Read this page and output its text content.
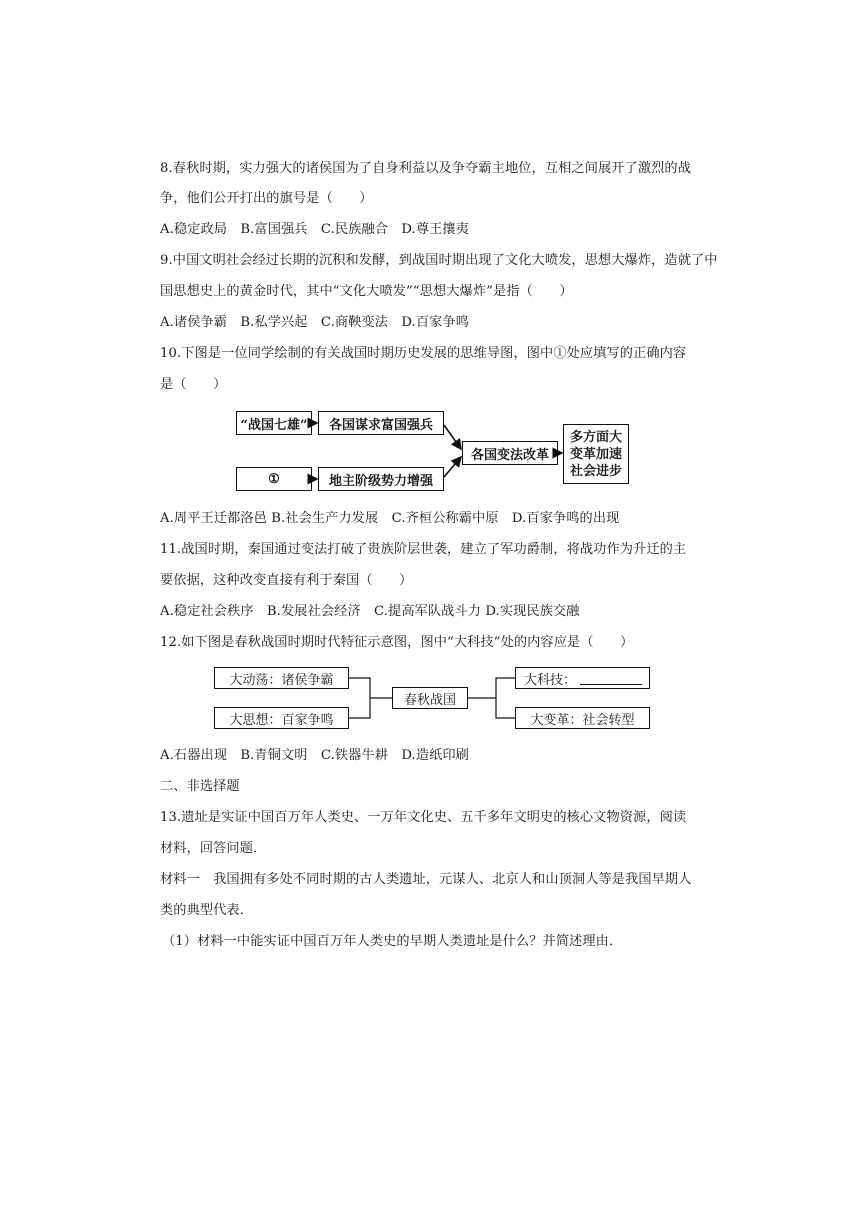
8.春秋时期，实力强大的诸侯国为了自身利益以及争夺霸主地位，互相之间展开了激烈的战
争，他们公开打出的旗号是（　　）
A.稳定政局　B.富国强兵　C.民族融合　D.尊王攘夷
9.中国文明社会经过长期的沉积和发酵，到战国时期出现了文化大喷发，思想大爆炸，造就了中
国思想史上的黄金时代，其中“文化大喷发”“思想大爆炸”是指（　　）
A.诸侯争霸　B.私学兴起　C.商鞅变法　D.百家争鸣
10.下图是一位同学绘制的有关战国时期历史发展的思维导图，图中①处应填写的正确内容
是（　　）
“战国七雄”	各国谋求富国强兵
①	地主阶级势力增强
各国变法改革
多方面大
变革加速
社会进步
A.周平王迁都洛邑 B.社会生产力发展　C.齐桓公称霸中原　D.百家争鸣的出现
11.战国时期，秦国通过变法打破了贵族阶层世袭，建立了军功爵制，将战功作为升迁的主
要依据，这种改变直接有利于秦国（　　）
A.稳定社会秩序　B.发展社会经济　C.提高军队战斗力 D.实现民族交融
12.如下图是春秋战国时期时代特征示意图，图中“大科技”处的内容应是（　　）
大动荡：诸侯争霸
大思想：百家争鸣
春秋战国
大科技：
大变革：社会转型
A.石器出现　B.青铜文明　C.铁器牛耕　D.造纸印刷
二、非选择题
13.遗址是实证中国百万年人类史、一万年文化史、五千多年文明史的核心文物资源，阅读
材料，回答问题．
材料一　我国拥有多处不同时期的古人类遗址，元谋人、北京人和山顶洞人等是我国早期人
类的典型代表．
（1）材料一中能实证中国百万年人类史的早期人类遗址是什么？并简述理由．
